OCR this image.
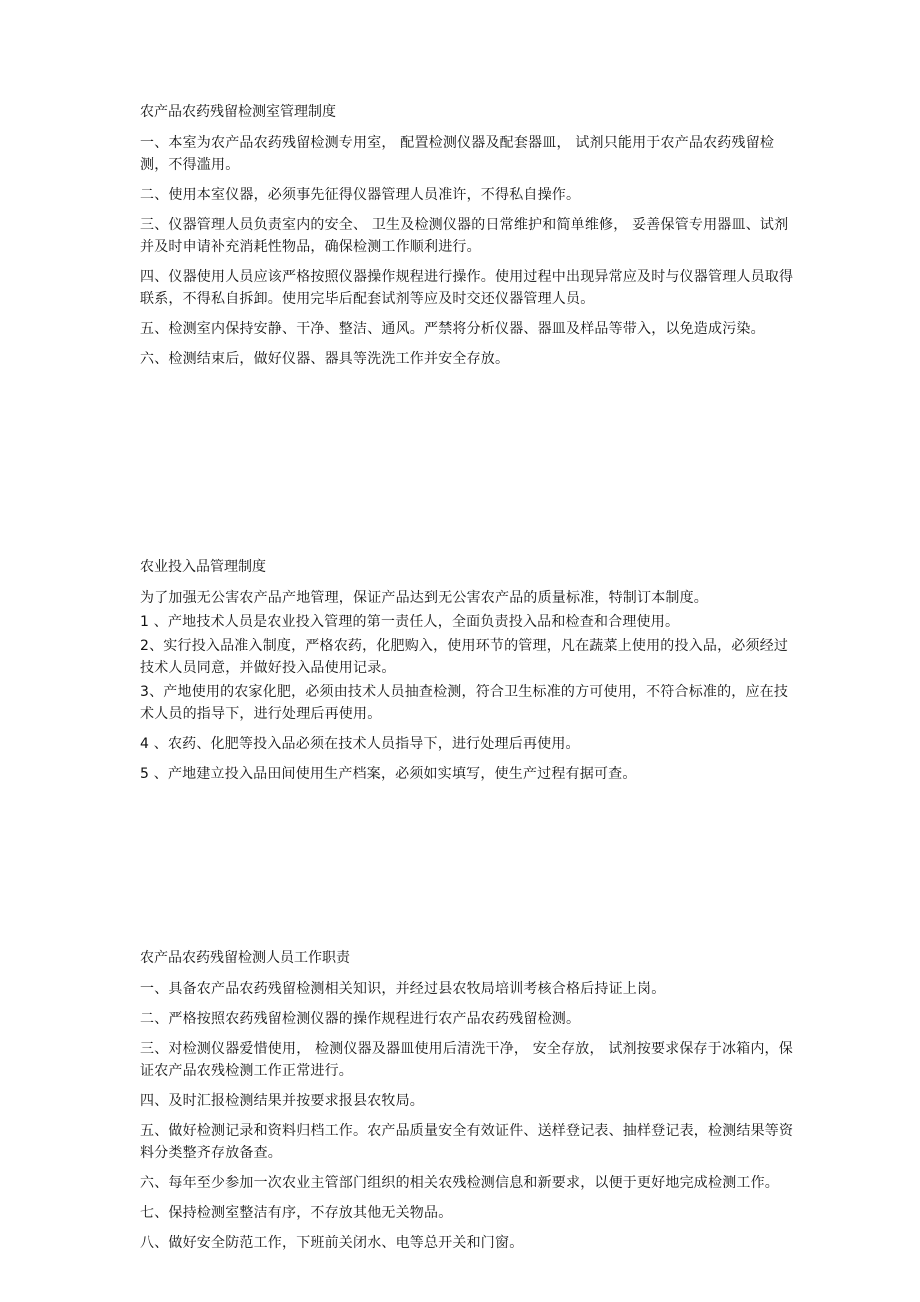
农产品农药残留检测室管理制度
一、本室为农产品农药残留检测专用室， 配置检测仪器及配套器皿， 试剂只能用于农产品农药残留检测，不得滥用。
二、使用本室仪器，必须事先征得仪器管理人员准许，不得私自操作。
三、仪器管理人员负责室内的安全、 卫生及检测仪器的日常维护和简单维修， 妥善保管专用器皿、试剂并及时申请补充消耗性物品，确保检测工作顺利进行。
四、仪器使用人员应该严格按照仪器操作规程进行操作。使用过程中出现异常应及时与仪器管理人员取得联系，不得私自拆卸。使用完毕后配套试剂等应及时交还仪器管理人员。
五、检测室内保持安静、干净、整洁、通风。严禁将分析仪器、器皿及样品等带入，以免造成污染。
六、检测结束后，做好仪器、器具等洗洗工作并安全存放。
农业投入品管理制度
为了加强无公害农产品产地管理，保证产品达到无公害农产品的质量标准，特制订本制度。
1 、产地技术人员是农业投入管理的第一责任人，全面负责投入品和检查和合理使用。
2、实行投入品准入制度，严格农药，化肥购入，使用环节的管理，凡在蔬菜上使用的投入品，必须经过技术人员同意，并做好投入品使用记录。
3、产地使用的农家化肥，必须由技术人员抽查检测，符合卫生标准的方可使用，不符合标准的，应在技术人员的指导下，进行处理后再使用。
4 、农药、化肥等投入品必须在技术人员指导下，进行处理后再使用。
5 、产地建立投入品田间使用生产档案，必须如实填写，使生产过程有据可查。
农产品农药残留检测人员工作职责
一、具备农产品农药残留检测相关知识，并经过县农牧局培训考核合格后持证上岗。
二、严格按照农药残留检测仪器的操作规程进行农产品农药残留检测。
三、对检测仪器爱惜使用， 检测仪器及器皿使用后清洗干净， 安全存放， 试剂按要求保存于冰箱内，保证农产品农残检测工作正常进行。
四、及时汇报检测结果并按要求报县农牧局。
五、做好检测记录和资料归档工作。农产品质量安全有效证件、送样登记表、抽样登记表，检测结果等资料分类整齐存放备查。
六、每年至少参加一次农业主管部门组织的相关农残检测信息和新要求，以便于更好地完成检测工作。
七、保持检测室整洁有序，不存放其他无关物品。
八、做好安全防范工作，下班前关闭水、电等总开关和门窗。
